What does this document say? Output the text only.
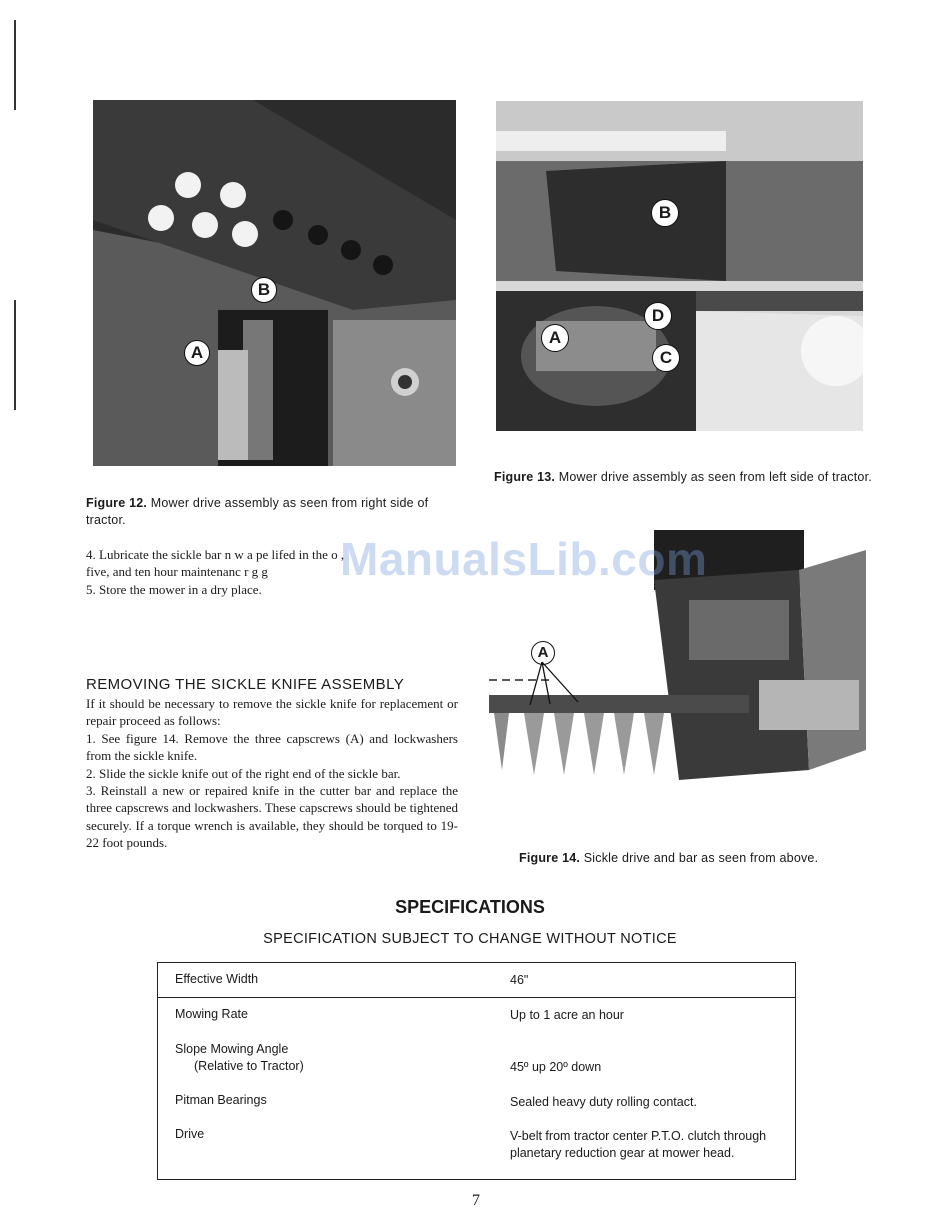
A
B
Figure 12. Mower drive assembly as seen from right side of tractor.
B
D
A
C
Figure 13. Mower drive assembly as seen from left side of tractor.
A
Figure 14. Sickle drive and bar as seen from above.

4. Lubricate the sickle bar n w a pe lifed in the o ,

five, and ten hour maintenanc r g g

5. Store the mower in a dry place.

ManualsLib.com
REMOVING THE SICKLE KNIFE ASSEMBLY

If it should be necessary to remove the sickle knife for replacement or repair proceed as follows:

1. See figure 14. Remove the three capscrews (A) and lockwashers from the sickle knife.

2. Slide the sickle knife out of the right end of the sickle bar.

3. Reinstall a new or repaired knife in the cutter bar and replace the three capscrews and lockwashers. These capscrews should be tightened securely. If a torque wrench is available, they should be torqued to 19-22 foot pounds.

SPECIFICATIONS
SPECIFICATION SUBJECT TO CHANGE WITHOUT NOTICE
Effective Width	46"
Mowing Rate	Up to 1 acre an hour
Slope Mowing Angle
(Relative to Tractor)	45º up 20º down
Pitman Bearings	Sealed heavy duty rolling contact.
Drive	V-belt from tractor center P.T.O. clutch through planetary reduction gear at mower head.
7
